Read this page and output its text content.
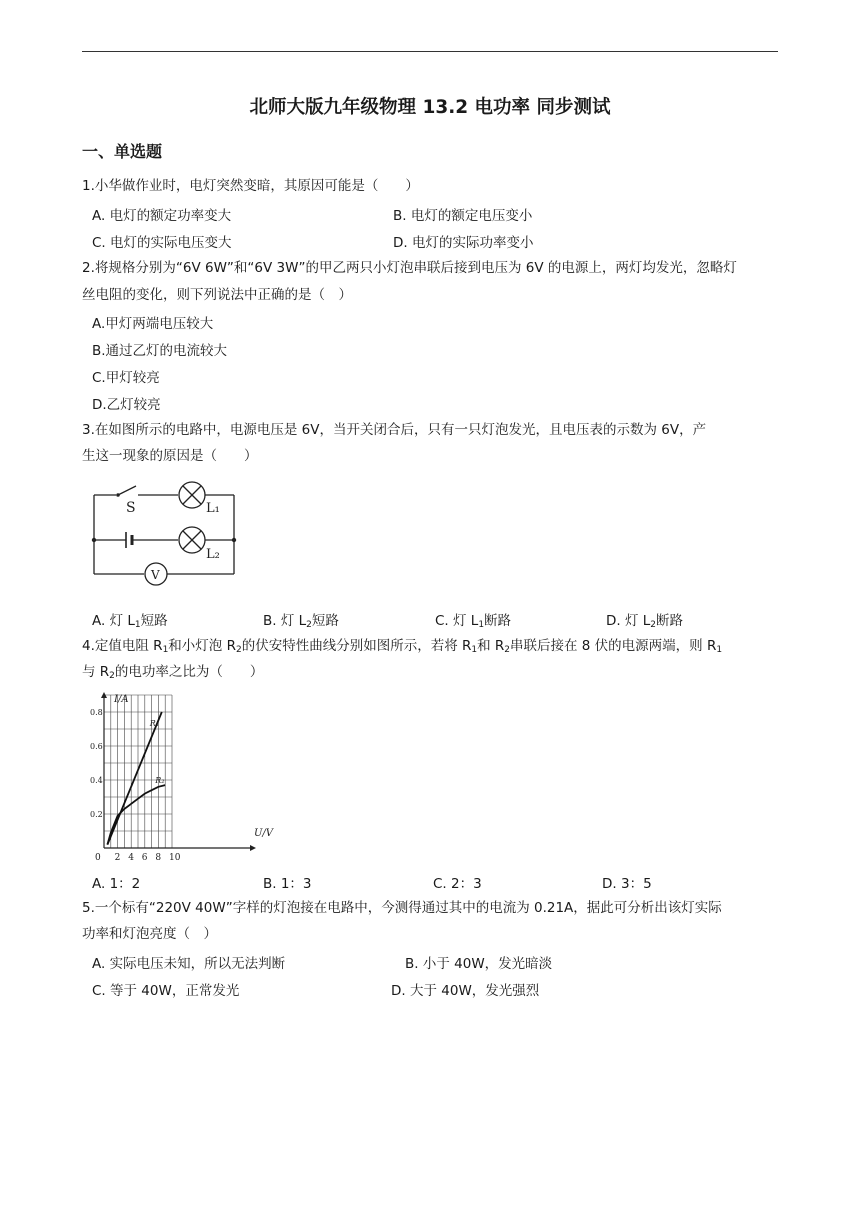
北师大版九年级物理 13.2 电功率 同步测试
一、单选题
1.小华做作业时，电灯突然变暗，其原因可能是（　　）
A. 电灯的额定功率变大	B. 电灯的额定电压变小
C. 电灯的实际电压变大	D. 电灯的实际功率变小
2.将规格分别为“6V 6W”和“6V 3W”的甲乙两只小灯泡串联后接到电压为 6V 的电源上，两灯均发光，忽略灯
丝电阻的变化，则下列说法中正确的是（　）
A.甲灯两端电压较大
B.通过乙灯的电流较大
C.甲灯较亮
D.乙灯较亮
3.在如图所示的电路中，电源电压是 6V，当开关闭合后，只有一只灯泡发光，且电压表的示数为 6V，产
生这一现象的原因是（　　）
S	L₁
L₂
V
A. 灯 $L_1$短路	B. 灯 $L_2$短路	C. 灯 $L_1$断路	D. 灯 $L_2$断路
4.定值电阻 $R_1$和小灯泡 $R_2$的伏安特性曲线分别如图所示，若将 $R_1$和 $R_2$串联后接在 8 伏的电源两端，则 $R_1$
与 $R_2$的电功率之比为（　　）
0 2 4 6 8 10
0.2
0.4
0.6
0.8
R₁
R₂
I/A
U/V
A. 1：2	B. 1：3	C. 2：3	D. 3：5
5.一个标有“220V 40W”字样的灯泡接在电路中，今测得通过其中的电流为 0.21A，据此可分析出该灯实际
功率和灯泡亮度（　）
A. 实际电压未知，所以无法判断	B. 小于 40W，发光暗淡
C. 等于 40W，正常发光	D. 大于 40W，发光强烈
